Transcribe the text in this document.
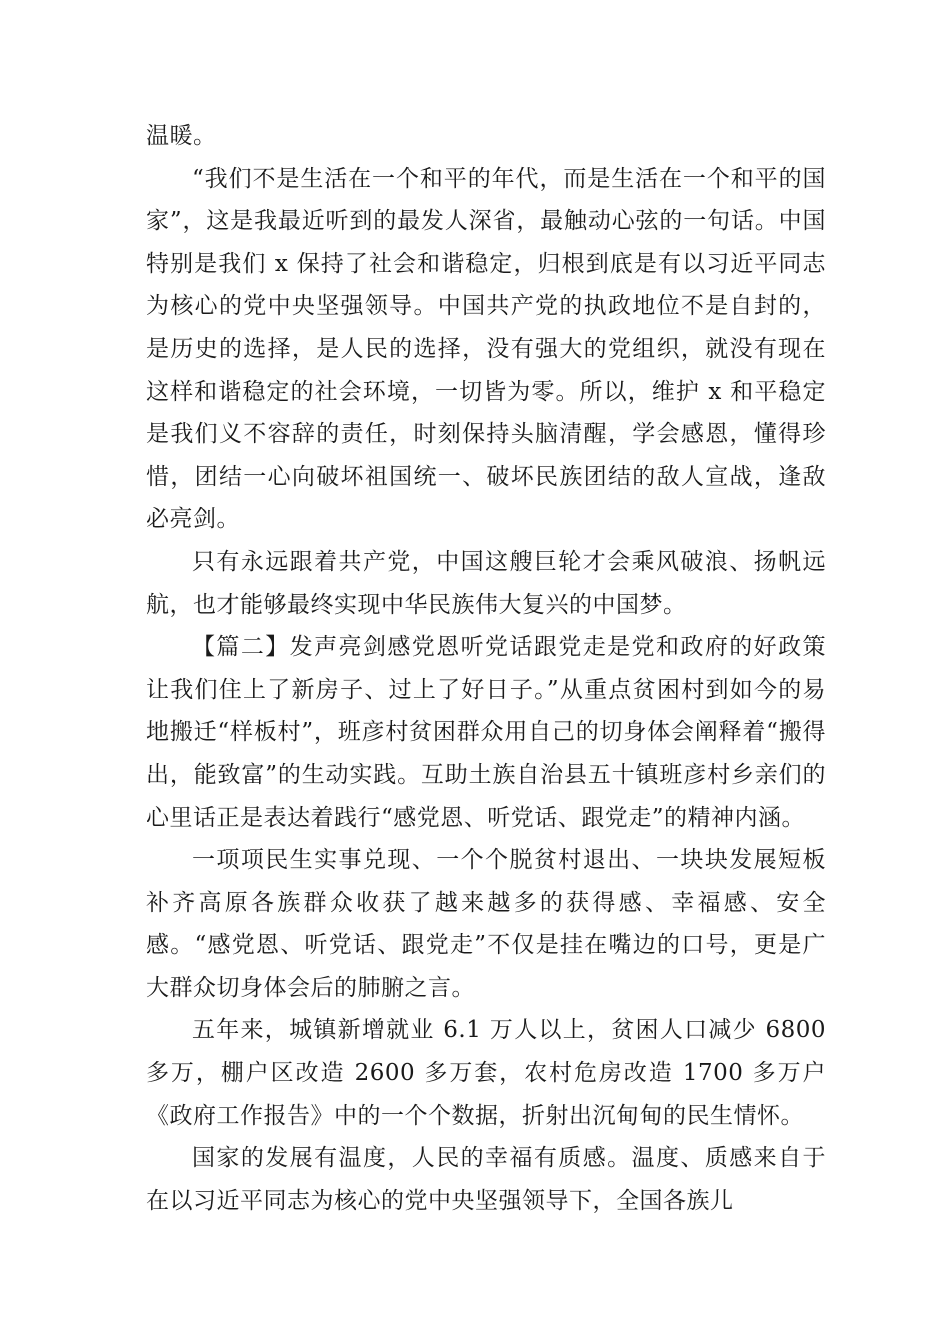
温暖。

“我们不是生活在一个和平的年代，而是生活在一个和平的国家”，这是我最近听到的最发人深省，最触动心弦的一句话。中国特别是我们 x 保持了社会和谐稳定，归根到底是有以习近平同志为核心的党中央坚强领导。中国共产党的执政地位不是自封的，是历史的选择，是人民的选择，没有强大的党组织，就没有现在这样和谐稳定的社会环境，一切皆为零。所以，维护 x 和平稳定是我们义不容辞的责任，时刻保持头脑清醒，学会感恩，懂得珍惜，团结一心向破坏祖国统一、破坏民族团结的敌人宣战，逢敌必亮剑。

只有永远跟着共产党，中国这艘巨轮才会乘风破浪、扬帆远航，也才能够最终实现中华民族伟大复兴的中国梦。

【篇二】发声亮剑感党恩听党话跟党走是党和政府的好政策让我们住上了新房子、过上了好日子。”从重点贫困村到如今的易地搬迁“样板村”，班彦村贫困群众用自己的切身体会阐释着“搬得出，能致富”的生动实践。互助土族自治县五十镇班彦村乡亲们的心里话正是表达着践行“感党恩、听党话、跟党走”的精神内涵。

一项项民生实事兑现、一个个脱贫村退出、一块块发展短板补齐高原各族群众收获了越来越多的获得感、幸福感、安全感。“感党恩、听党话、跟党走”不仅是挂在嘴边的口号，更是广大群众切身体会后的肺腑之言。

五年来，城镇新增就业 6.1 万人以上，贫困人口减少 6800 多万，棚户区改造 2600 多万套，农村危房改造 1700 多万户《政府工作报告》中的一个个数据，折射出沉甸甸的民生情怀。

国家的发展有温度，人民的幸福有质感。温度、质感来自于在以习近平同志为核心的党中央坚强领导下，全国各族儿
